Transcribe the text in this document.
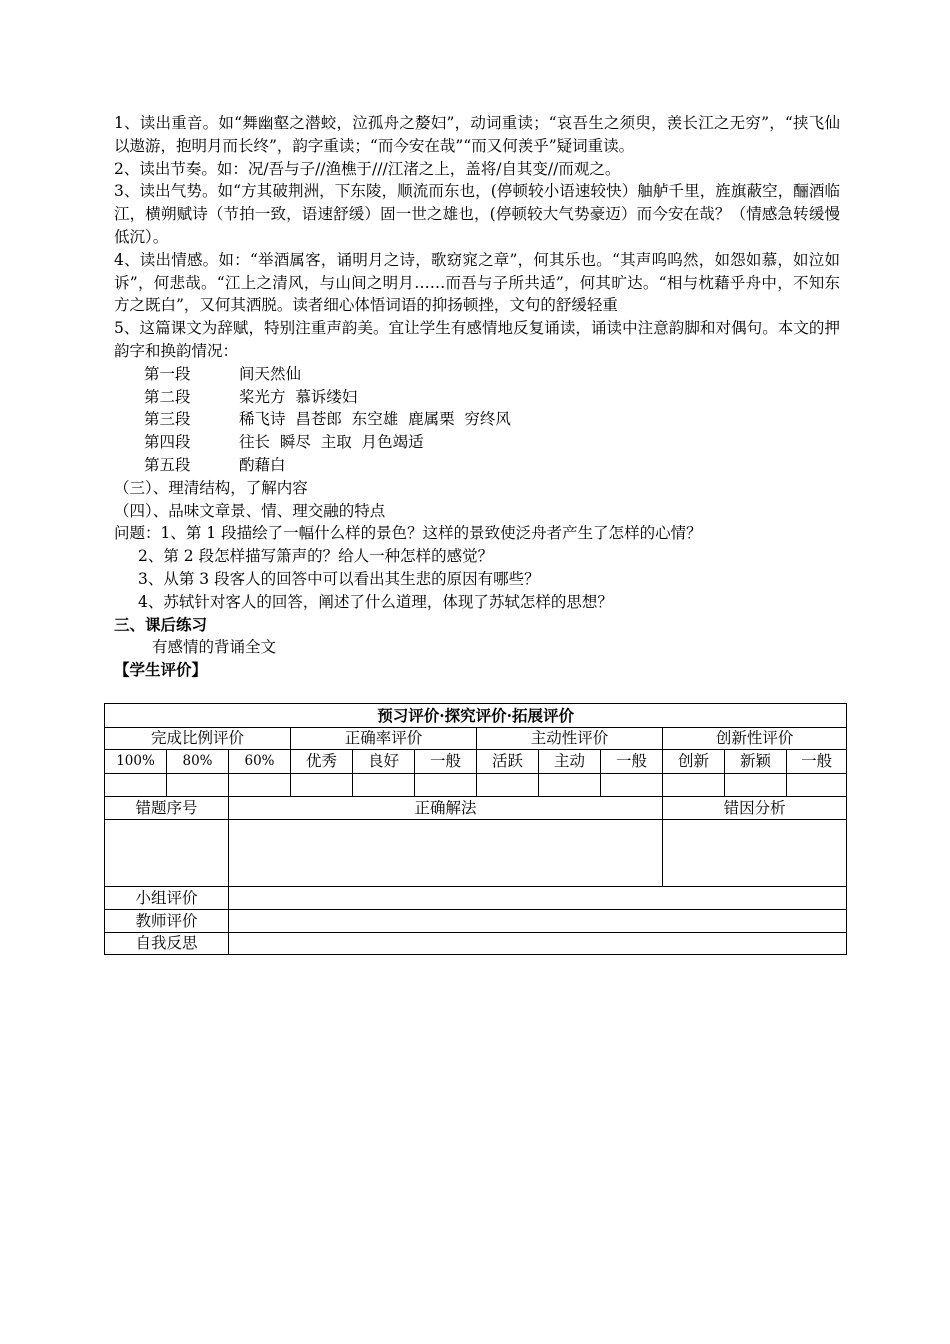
1、读出重音。如“舞幽壑之潜蛟，泣孤舟之嫠妇”，动词重读；“哀吾生之须臾，羡长江之无穷”，“挟飞仙以遨游，抱明月而长终”，韵字重读；“而今安在哉”“而又何羡乎”疑词重读。

2、读出节奏。如：况/吾与子//渔樵于///江渚之上，盖将/自其变//而观之。

3、读出气势。如“方其破荆洲，下东陵，顺流而东也，(停顿较小语速较快）舳舻千里，旌旗蔽空，酾酒临江，横朔赋诗（节拍一致，语速舒缓）固一世之雄也，(停顿较大气势豪迈）而今安在哉？（情感急转缓慢低沉）。

4、读出情感。如：“举酒属客，诵明月之诗，歌窈窕之章”，何其乐也。“其声呜呜然，如怨如慕，如泣如诉”，何悲哉。“江上之清风，与山间之明月……而吾与子所共适”，何其旷达。“相与枕藉乎舟中，不知东方之既白”，又何其洒脱。读者细心体悟词语的抑扬顿挫，文句的舒缓轻重

5、这篇课文为辞赋，特别注重声韵美。宜让学生有感情地反复诵读，诵读中注意韵脚和对偶句。本文的押韵字和换韵情况：

第一段	间天然仙
第二段	桨光方  慕诉缕妇
第三段	稀飞诗  昌苍郎  东空雄  鹿属栗  穷终风
第四段	往长  瞬尽  主取  月色竭适
第五段	酌藉白

（三）、理清结构，了解内容

（四）、品味文章景、情、理交融的特点

问题：1、第 1 段描绘了一幅什么样的景色？这样的景致使泛舟者产生了怎样的心情？

2、第 2 段怎样描写箫声的？给人一种怎样的感觉？

3、从第 3 段客人的回答中可以看出其生悲的原因有哪些？

4、苏轼针对客人的回答，阐述了什么道理，体现了苏轼怎样的思想？

三、课后练习

有感情的背诵全文

【学生评价】

预习评价·探究评价·拓展评价											
完成比例评价			正确率评价			主动性评价			创新性评价		
100%	80%	60%	优秀	良好	一般	活跃	主动	一般	创新	新颖	一般

错题序号		正确解法							错因分析		

小组评价											
教师评价											
自我反思											
